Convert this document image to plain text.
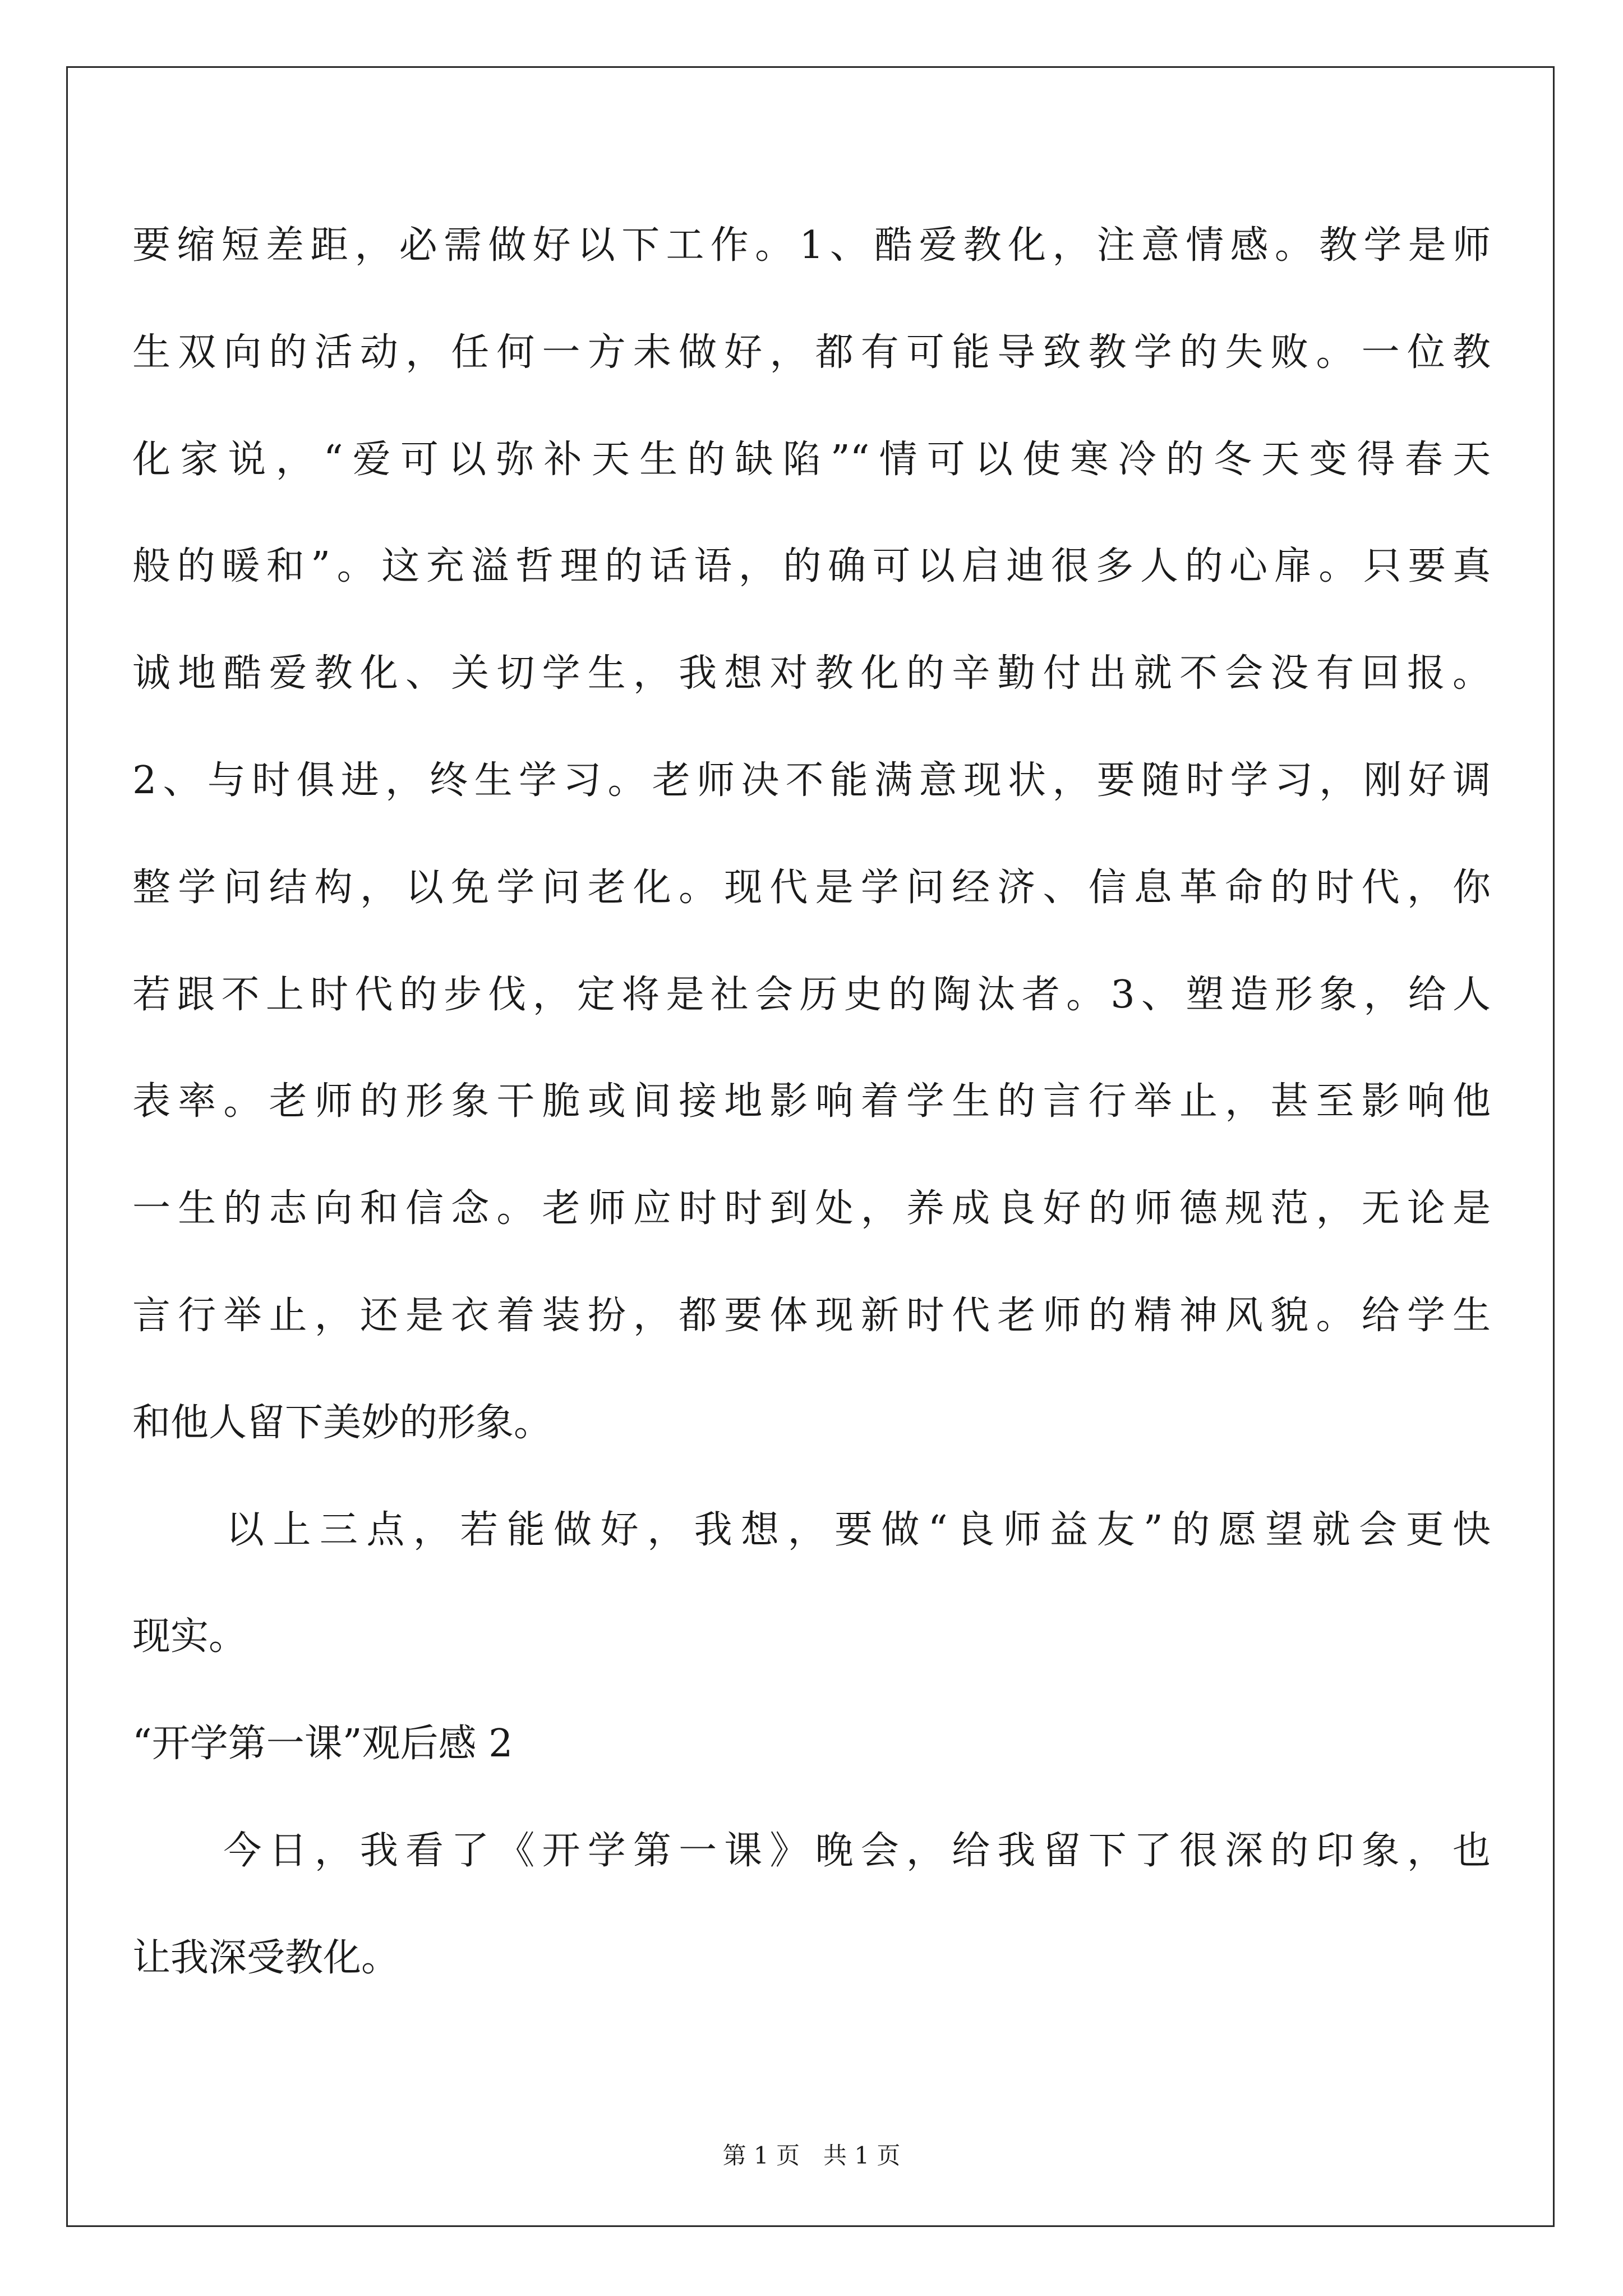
要缩短差距，必需做好以下工作。1、酷爱教化，注意情感。教学是师
生双向的活动，任何一方未做好，都有可能导致教学的失败。一位教
化家说，“爱可以弥补天生的缺陷”“情可以使寒冷的冬天变得春天
般的暖和”。这充溢哲理的话语，的确可以启迪很多人的心扉。只要真
诚地酷爱教化、关切学生，我想对教化的辛勤付出就不会没有回报。
2、与时俱进，终生学习。老师决不能满意现状，要随时学习，刚好调
整学问结构，以免学问老化。现代是学问经济、信息革命的时代，你
若跟不上时代的步伐，定将是社会历史的陶汰者。3、塑造形象，给人
表率。老师的形象干脆或间接地影响着学生的言行举止，甚至影响他
一生的志向和信念。老师应时时到处，养成良好的师德规范，无论是
言行举止，还是衣着装扮，都要体现新时代老师的精神风貌。给学生
和他人留下美妙的形象。
　　以上三点，若能做好，我想，要做“良师益友”的愿望就会更快
现实。
“开学第一课”观后感 2
　　今日，我看了《开学第一课》晚会，给我留下了很深的印象，也
让我深受教化。
第 1 页　共 1 页
